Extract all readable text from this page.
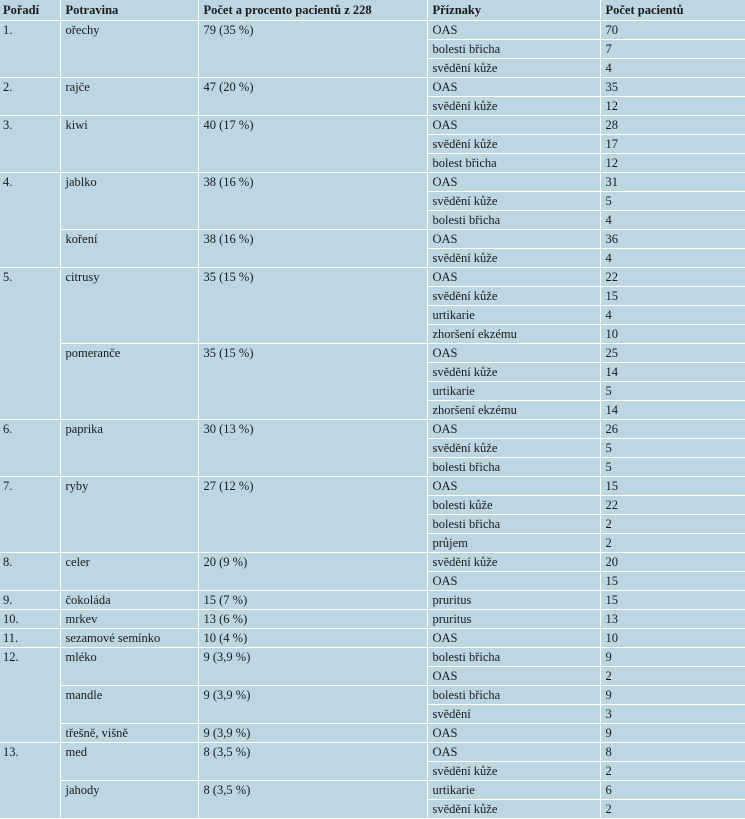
Pořadí	Potravina	Počet a procento pacientů z 228	Příznaky	Počet pacientů
1.	ořechy	79 (35 %)	OAS	70
			bolesti břicha	7
			svědění kůže	4
2.	rajče	47 (20 %)	OAS	35
			svědění kůže	12
3.	kiwi	40 (17 %)	OAS	28
			svědění kůže	17
			bolest břicha	12
4.	jablko	38 (16 %)	OAS	31
			svědění kůže	5
			bolesti břicha	4
	koření	38 (16 %)	OAS	36
			svědění kůže	4
5.	citrusy	35 (15 %)	OAS	22
			svědění kůže	15
			urtikarie	4
			zhoršení ekzému	10
	pomeranče	35 (15 %)	OAS	25
			svědění kůže	14
			urtikarie	5
			zhoršení ekzému	14
6.	paprika	30 (13 %)	OAS	26
			svědění kůže	5
			bolesti břicha	5
7.	ryby	27 (12 %)	OAS	15
			bolesti kůže	22
			bolesti břicha	2
			průjem	2
8.	celer	20 (9 %)	svědění kůže	20
			OAS	15
9.	čokoláda	15 (7 %)	pruritus	15
10.	mrkev	13 (6 %)	pruritus	13
11.	sezamové semínko	10 (4 %)	OAS	10
12.	mléko	9 (3,9 %)	bolesti břicha	9
			OAS	2
	mandle	9 (3,9 %)	bolesti břicha	9
			svědění	3
	třešně, višně	9 (3,9 %)	OAS	9
13.	med	8 (3,5 %)	OAS	8
			svědění kůže	2
	jahody	8 (3,5 %)	urtikarie	6
			svědění kůže	2
